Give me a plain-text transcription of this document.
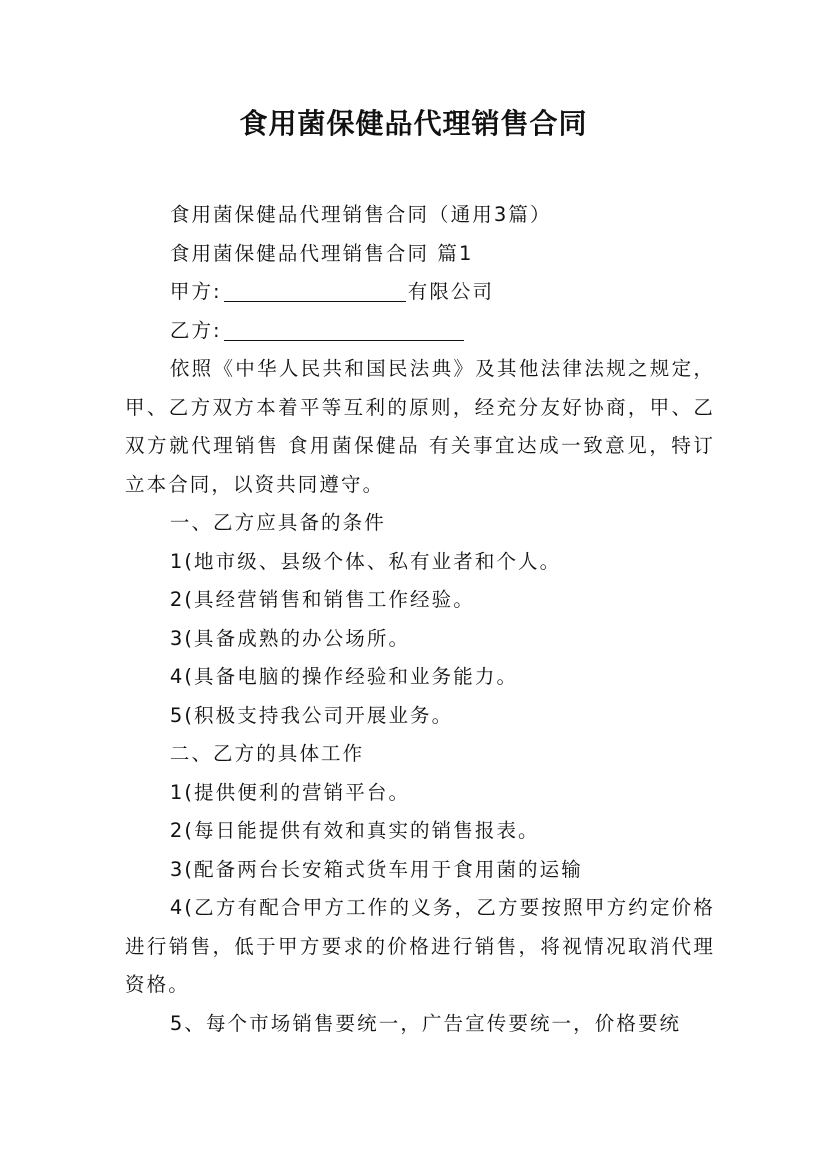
食用菌保健品代理销售合同

食用菌保健品代理销售合同（通用3篇）

食用菌保健品代理销售合同 篇1

甲方:	有限公司

乙方:

依照《中华人民共和国民法典》及其他法律法规之规定，甲、乙方双方本着平等互利的原则，经充分友好协商，甲、乙双方就代理销售 食用菌保健品 有关事宜达成一致意见，特订立本合同，以资共同遵守。

一、乙方应具备的条件

1(地市级、县级个体、私有业者和个人。

2(具经营销售和销售工作经验。

3(具备成熟的办公场所。

4(具备电脑的操作经验和业务能力。

5(积极支持我公司开展业务。

二、乙方的具体工作

1(提供便利的营销平台。

2(每日能提供有效和真实的销售报表。

3(配备两台长安箱式货车用于食用菌的运输

4(乙方有配合甲方工作的义务，乙方要按照甲方约定价格进行销售，低于甲方要求的价格进行销售，将视情况取消代理资格。

5、每个市场销售要统一，广告宣传要统一，价格要统
